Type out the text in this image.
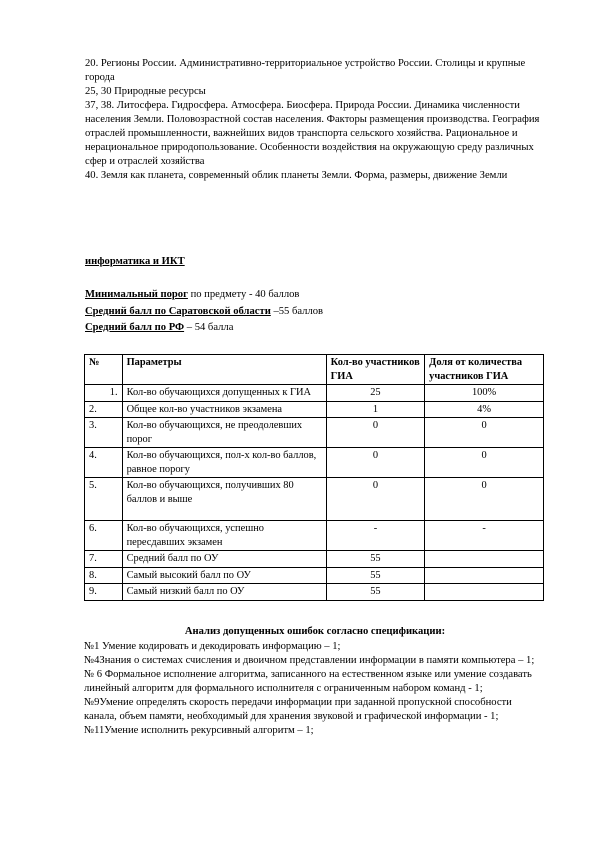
20. Регионы России. Административно-территориальное устройство России. Столицы и крупные города

25, 30 Природные ресурсы

37, 38. Литосфера. Гидросфера. Атмосфера. Биосфера. Природа России. Динамика численности населения Земли. Половозрастной состав населения. Факторы размещения производства. География отраслей промышленности, важнейших видов транспорта сельского хозяйства. Рациональное и нерациональное природопользование. Особенности воздействия на окружающую среду различных сфер и отраслей хозяйства

40. Земля как планета, современный облик планеты Земли. Форма, размеры, движение Земли

информатика и ИКТ

Минимальный порог по предмету - 40 баллов

Средний балл по Саратовской области –55 баллов

Средний балл по РФ – 54 балла

№	Параметры	Кол-во участников ГИА	Доля от количества участников ГИА
1.	Кол-во обучающихся допущенных к ГИА	25	100%
2.	Общее кол-во участников экзамена	1	4%
3.	Кол-во обучающихся, не преодолевших порог	0	0
4.	Кол-во обучающихся, пол-х кол-во баллов, равное порогу	0	0
5.	Кол-во обучающихся, получивших 80 баллов и выше	0	0
6.	Кол-во обучающихся, успешно пересдавших экзамен	-	-
7.	Средний балл по ОУ	55	
8.	Самый высокий балл по ОУ	55	
9.	Самый низкий балл по ОУ	55	

Анализ допущенных ошибок согласно спецификации:

№1 Умение кодировать и декодировать информацию – 1;

№4Знания о системах счисления и двоичном представлении информации в памяти компьютера – 1;

№ 6 Формальное исполнение алгоритма, записанного на естественном языке или умение создавать линейный алгоритм для формального исполнителя с ограниченным набором команд - 1;

№9Умение определять скорость передачи информации при заданной пропускной способности канала, объем памяти, необходимый для хранения звуковой и графической информации - 1;

№11Умение исполнить рекурсивный алгоритм – 1;
